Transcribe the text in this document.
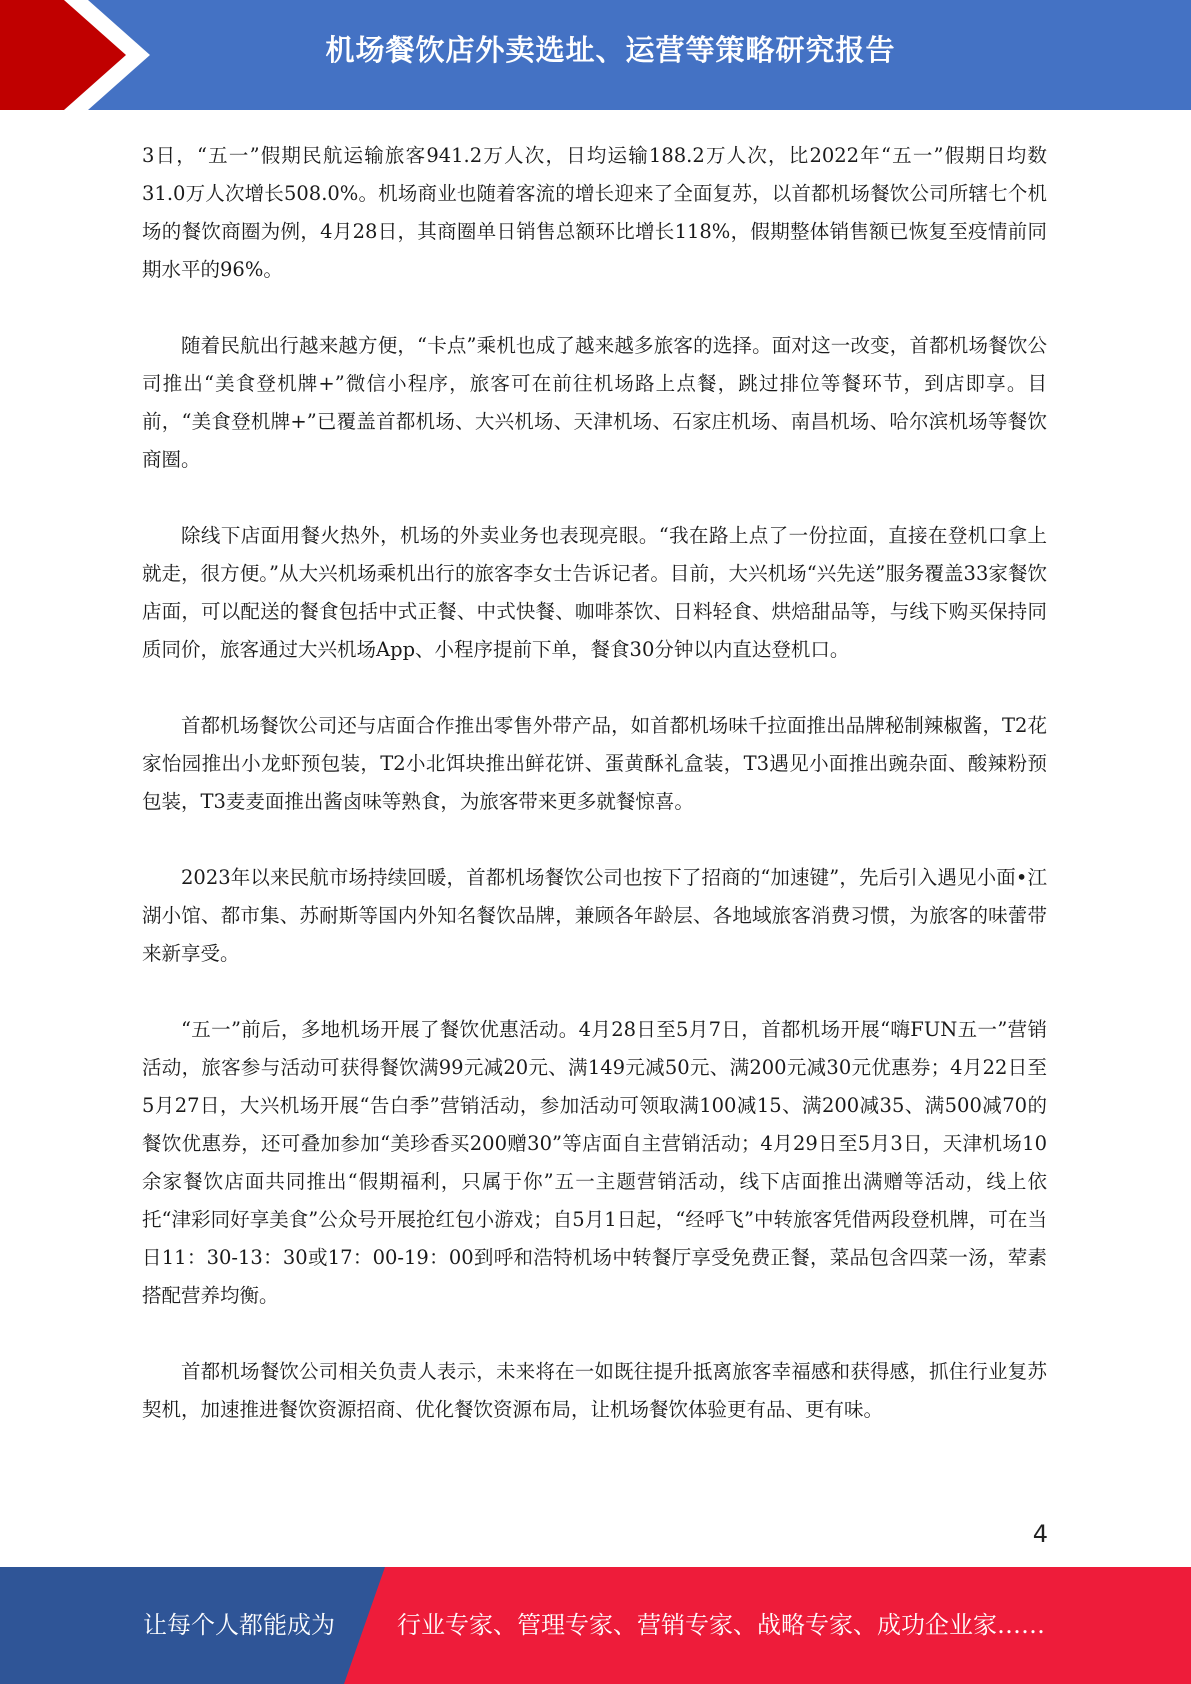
机场餐饮店外卖选址、运营等策略研究报告

3日，“五一”假期民航运输旅客941.2万人次，日均运输188.2万人次，比2022年“五一”假期日均数 31.0万人次增长508.0%。机场商业也随着客流的增长迎来了全面复苏，以首都机场餐饮公司所辖七个机场的餐饮商圈为例，4月28日，其商圈单日销售总额环比增长118%，假期整体销售额已恢复至疫情前同期水平的96%。

随着民航出行越来越方便，“卡点”乘机也成了越来越多旅客的选择。面对这一改变，首都机场餐饮公司推出“美食登机牌+”微信小程序，旅客可在前往机场路上点餐，跳过排位等餐环节，到店即享。目前，“美食登机牌+”已覆盖首都机场、大兴机场、天津机场、石家庄机场、南昌机场、哈尔滨机场等餐饮商圈。

除线下店面用餐火热外，机场的外卖业务也表现亮眼。“我在路上点了一份拉面，直接在登机口拿上就走，很方便。”从大兴机场乘机出行的旅客李女士告诉记者。目前，大兴机场“兴先送”服务覆盖33家餐饮店面，可以配送的餐食包括中式正餐、中式快餐、咖啡茶饮、日料轻食、烘焙甜品等，与线下购买保持同质同价，旅客通过大兴机场App、小程序提前下单，餐食30分钟以内直达登机口。

首都机场餐饮公司还与店面合作推出零售外带产品，如首都机场味千拉面推出品牌秘制辣椒酱，T2花家怡园推出小龙虾预包装，T2小北饵块推出鲜花饼、蛋黄酥礼盒装，T3遇见小面推出豌杂面、酸辣粉预包装，T3麦麦面推出酱卤味等熟食，为旅客带来更多就餐惊喜。

2023年以来民航市场持续回暖，首都机场餐饮公司也按下了招商的“加速键”，先后引入遇见小面•江湖小馆、都市集、苏耐斯等国内外知名餐饮品牌，兼顾各年龄层、各地域旅客消费习惯，为旅客的味蕾带来新享受。

“五一”前后，多地机场开展了餐饮优惠活动。4月28日至5月7日，首都机场开展“嗨FUN五一”营销活动，旅客参与活动可获得餐饮满99元减20元、满149元减50元、满200元减30元优惠券；4月22日至5月27日，大兴机场开展“告白季”营销活动，参加活动可领取满100减15、满200减35、满500减70的餐饮优惠券，还可叠加参加“美珍香买200赠30”等店面自主营销活动；4月29日至5月3日，天津机场10余家餐饮店面共同推出“假期福利，只属于你”五一主题营销活动，线下店面推出满赠等活动，线上依托“津彩同好享美食”公众号开展抢红包小游戏；自5月1日起，“经呼飞”中转旅客凭借两段登机牌，可在当日11：30-13：30或17：00-19：00到呼和浩特机场中转餐厅享受免费正餐，菜品包含四菜一汤，荤素搭配营养均衡。

首都机场餐饮公司相关负责人表示，未来将在一如既往提升抵离旅客幸福感和获得感，抓住行业复苏契机，加速推进餐饮资源招商、优化餐饮资源布局，让机场餐饮体验更有品、更有味。

4
让每个人都能成为	行业专家、管理专家、营销专家、战略专家、成功企业家……
